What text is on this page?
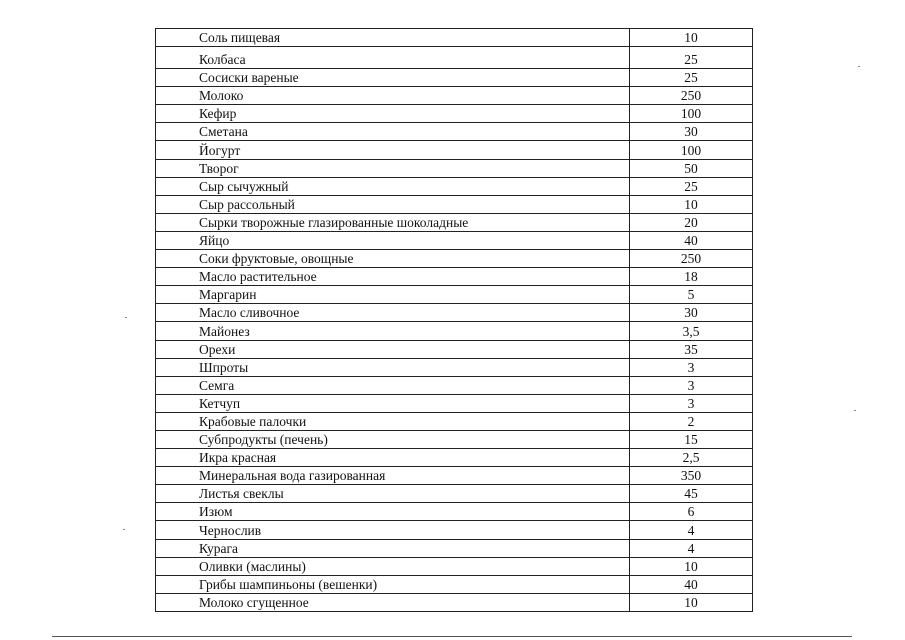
Соль пищевая	10
Колбаса	25
Сосиски вареные	25
Молоко	250
Кефир	100
Сметана	30
Йогурт	100
Творог	50
Сыр сычужный	25
Сыр рассольный	10
Сырки творожные глазированные шоколадные	20
Яйцо	40
Соки фруктовые, овощные	250
Масло растительное	18
Маргарин	5
Масло сливочное	30
Майонез	3,5
Орехи	35
Шпроты	3
Семга	3
Кетчуп	3
Крабовые палочки	2
Субпродукты (печень)	15
Икра красная	2,5
Минеральная вода газированная	350
Листья свеклы	45
Изюм	6
Чернослив	4
Курага	4
Оливки (маслины)	10
Грибы шампиньоны (вешенки)	40
Молоко сгущенное	10
